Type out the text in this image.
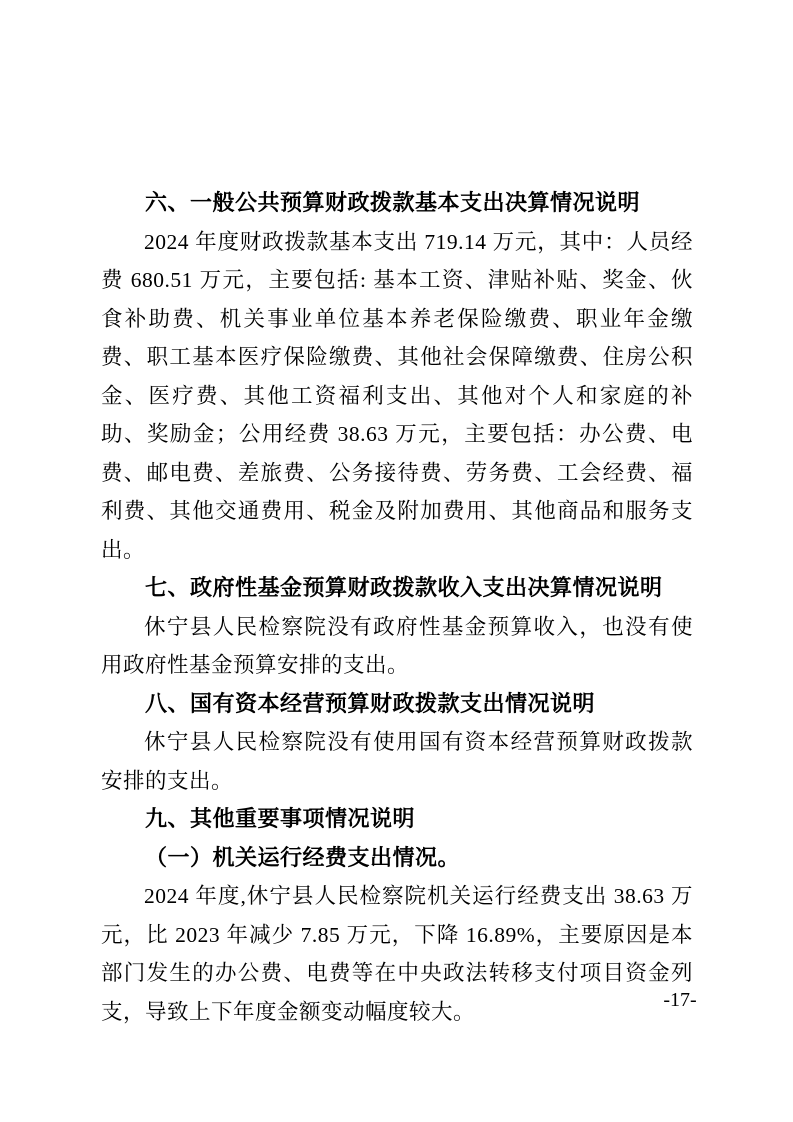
六、一般公共预算财政拨款基本支出决算情况说明

2024 年度财政拨款基本支出 719.14 万元，其中：人员经费 680.51 万元，主要包括: 基本工资、津贴补贴、奖金、伙食补助费、机关事业单位基本养老保险缴费、职业年金缴费、职工基本医疗保险缴费、其他社会保障缴费、住房公积金、医疗费、其他工资福利支出、其他对个人和家庭的补助、奖励金；公用经费 38.63 万元，主要包括：办公费、电费、邮电费、差旅费、公务接待费、劳务费、工会经费、福利费、其他交通费用、税金及附加费用、其他商品和服务支出。

七、政府性基金预算财政拨款收入支出决算情况说明

休宁县人民检察院没有政府性基金预算收入，也没有使用政府性基金预算安排的支出。

八、国有资本经营预算财政拨款支出情况说明

休宁县人民检察院没有使用国有资本经营预算财政拨款安排的支出。

九、其他重要事项情况说明

（一）机关运行经费支出情况。

2024 年度,休宁县人民检察院机关运行经费支出 38.63 万元，比 2023 年减少 7.85 万元，下降 16.89%，主要原因是本部门发生的办公费、电费等在中央政法转移支付项目资金列支，导致上下年度金额变动幅度较大。	-17-
